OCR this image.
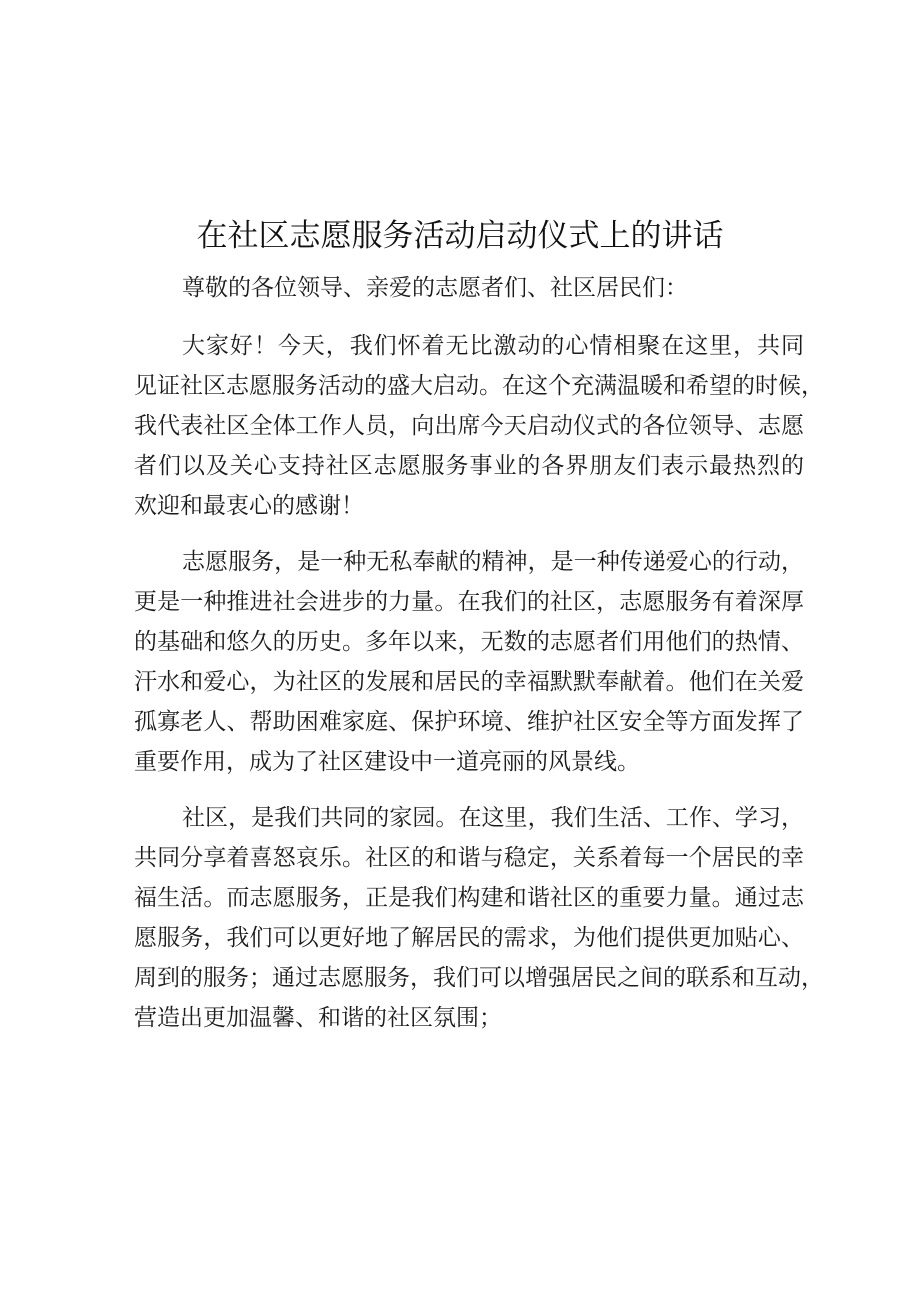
在社区志愿服务活动启动仪式上的讲话
尊敬的各位领导、亲爱的志愿者们、社区居民们：
大家好！今天，我们怀着无比激动的心情相聚在这里，共同
见证社区志愿服务活动的盛大启动。在这个充满温暖和希望的时候，
我代表社区全体工作人员，向出席今天启动仪式的各位领导、志愿
者们以及关心支持社区志愿服务事业的各界朋友们表示最热烈的
欢迎和最衷心的感谢！
志愿服务，是一种无私奉献的精神，是一种传递爱心的行动，
更是一种推进社会进步的力量。在我们的社区，志愿服务有着深厚
的基础和悠久的历史。多年以来，无数的志愿者们用他们的热情、
汗水和爱心，为社区的发展和居民的幸福默默奉献着。他们在关爱
孤寡老人、帮助困难家庭、保护环境、维护社区安全等方面发挥了
重要作用，成为了社区建设中一道亮丽的风景线。
社区，是我们共同的家园。在这里，我们生活、工作、学习，
共同分享着喜怒哀乐。社区的和谐与稳定，关系着每一个居民的幸
福生活。而志愿服务，正是我们构建和谐社区的重要力量。通过志
愿服务，我们可以更好地了解居民的需求，为他们提供更加贴心、
周到的服务；通过志愿服务，我们可以增强居民之间的联系和互动，
营造出更加温馨、和谐的社区氛围；
